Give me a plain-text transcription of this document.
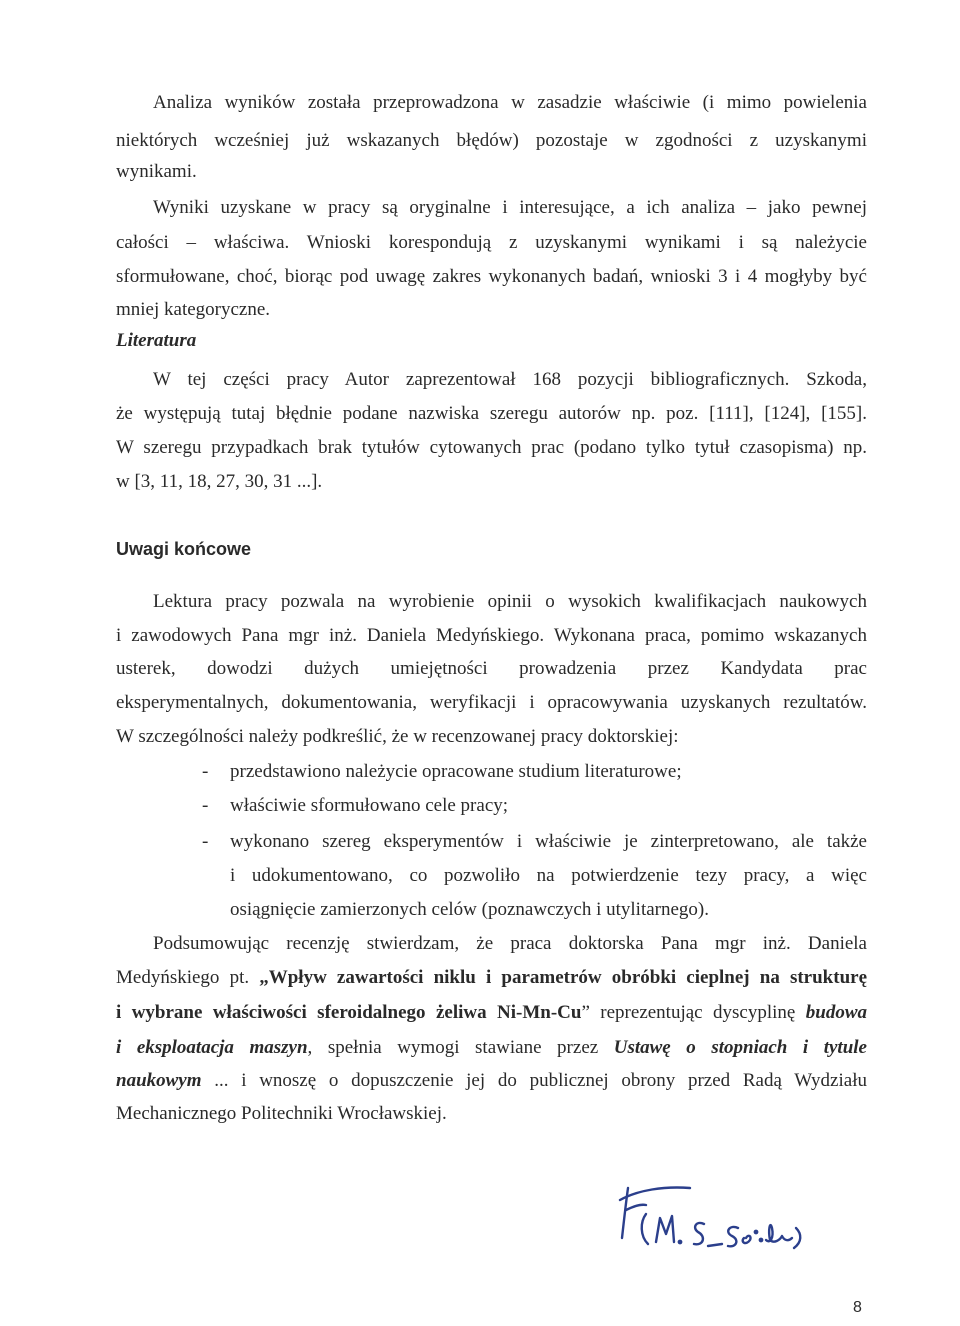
Analiza wyników została przeprowadzona w zasadzie właściwie (i mimo powielenia

niektórych wcześniej już wskazanych błędów) pozostaje w zgodności z uzyskanymi

wynikami.

Wyniki uzyskane w pracy są oryginalne i interesujące, a ich analiza – jako pewnej

całości – właściwa. Wnioski korespondują z uzyskanymi wynikami i są należycie

sformułowane, choć, biorąc pod uwagę zakres wykonanych badań, wnioski 3 i 4 mogłyby być

mniej kategoryczne.

Literatura

W tej części pracy Autor zaprezentował 168 pozycji bibliograficznych. Szkoda,

że występują tutaj błędnie podane nazwiska szeregu autorów np. poz. [111], [124], [155].

W szeregu przypadkach brak tytułów cytowanych prac (podano tylko tytuł czasopisma) np.

w [3, 11, 18, 27, 30, 31 ...].

Uwagi końcowe

Lektura pracy pozwala na wyrobienie opinii o wysokich kwalifikacjach naukowych

i zawodowych Pana mgr inż. Daniela Medyńskiego. Wykonana praca, pomimo wskazanych

usterek, dowodzi dużych umiejętności prowadzenia przez Kandydata prac

eksperymentalnych, dokumentowania, weryfikacji i opracowywania uzyskanych rezultatów.

W szczególności należy podkreślić, że w recenzowanej pracy doktorskiej:

- przedstawiono należycie opracowane studium literaturowe;

- właściwie sformułowano cele pracy;

- wykonano szereg eksperymentów i właściwie je zinterpretowano, ale także

i udokumentowano, co pozwoliło na potwierdzenie tezy pracy, a więc

osiągnięcie zamierzonych celów (poznawczych i utylitarnego).

Podsumowując recenzję stwierdzam, że praca doktorska Pana mgr inż. Daniela

Medyńskiego pt. „Wpływ zawartości niklu i parametrów obróbki cieplnej na strukturę

i wybrane właściwości sferoidalnego żeliwa Ni-Mn-Cu” reprezentując dyscyplinę budowa

i eksploatacja maszyn, spełnia wymogi stawiane przez Ustawę o stopniach i tytule

naukowym ... i wnoszę o dopuszczenie jej do publicznej obrony przed Radą Wydziału

Mechanicznego Politechniki Wrocławskiej.

8
